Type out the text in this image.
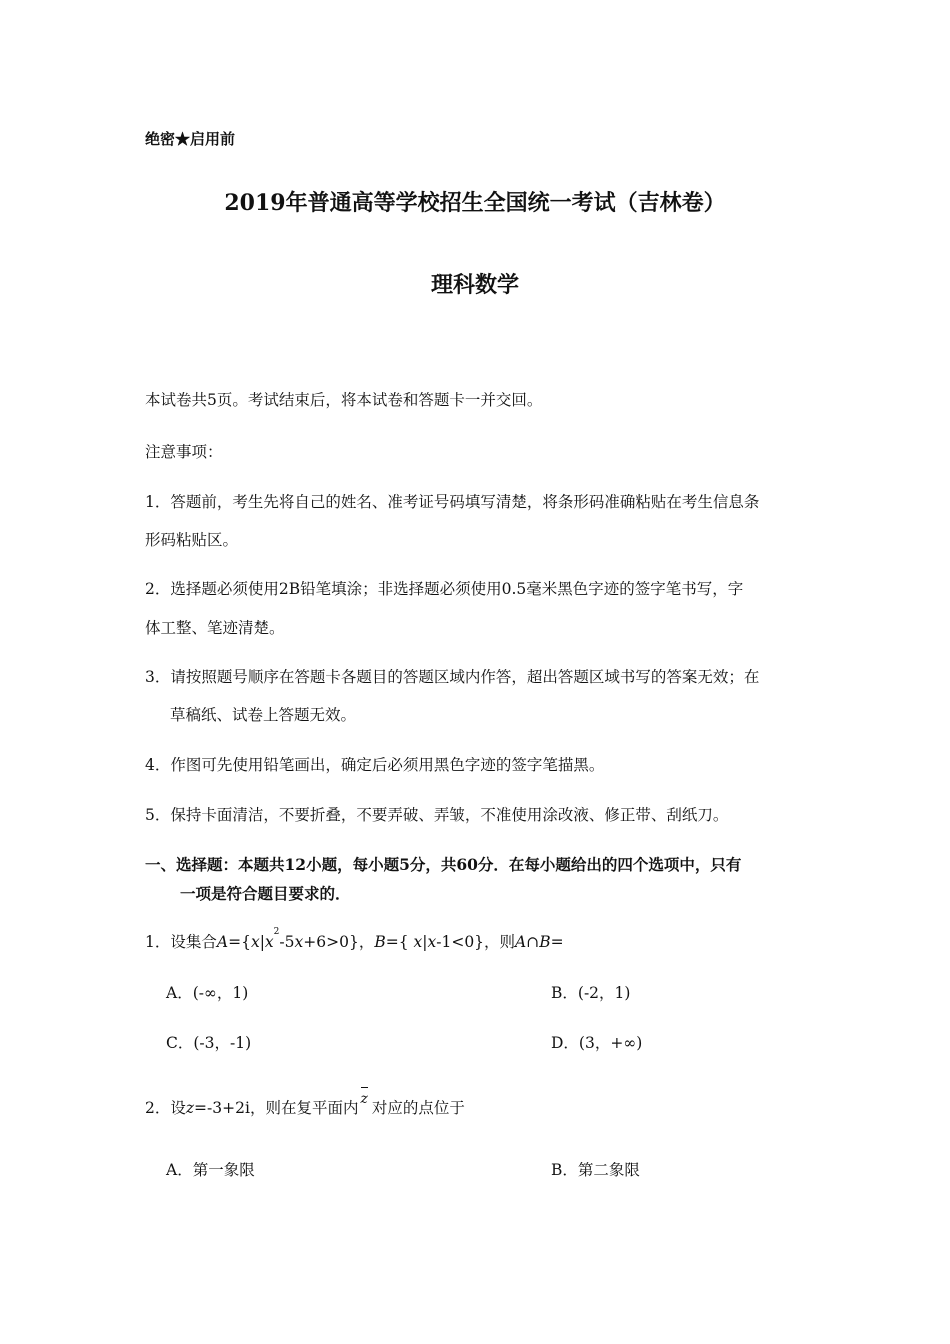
绝密★启用前
2019年普通高等学校招生全国统一考试（吉林卷）
理科数学
本试卷共5页。考试结束后，将本试卷和答题卡一并交回。
注意事项：
1．答题前，考生先将自己的姓名、准考证号码填写清楚，将条形码准确粘贴在考生信息条
形码粘贴区。
2．选择题必须使用2B铅笔填涂；非选择题必须使用0.5毫米黑色字迹的签字笔书写，字
体工整、笔迹清楚。
3．请按照题号顺序在答题卡各题目的答题区域内作答，超出答题区域书写的答案无效；在
草稿纸、试卷上答题无效。
4．作图可先使用铅笔画出，确定后必须用黑色字迹的签字笔描黑。
5．保持卡面清洁，不要折叠，不要弄破、弄皱，不准使用涂改液、修正带、刮纸刀。
一、选择题：本题共12小题，每小题5分，共60分．在每小题给出的四个选项中，只有
一项是符合题目要求的．
1．设集合$A=\{x|x^2-5x+6>0\}$，B={ x|x-1<0}，则A∩B=
A．(-∞，1)	B．(-2，1)
C．(-3，-1)	D．(3，+∞)
2．设z=-3+2i，则在复平面内 z 对应的点位于
A．第一象限	B．第二象限
